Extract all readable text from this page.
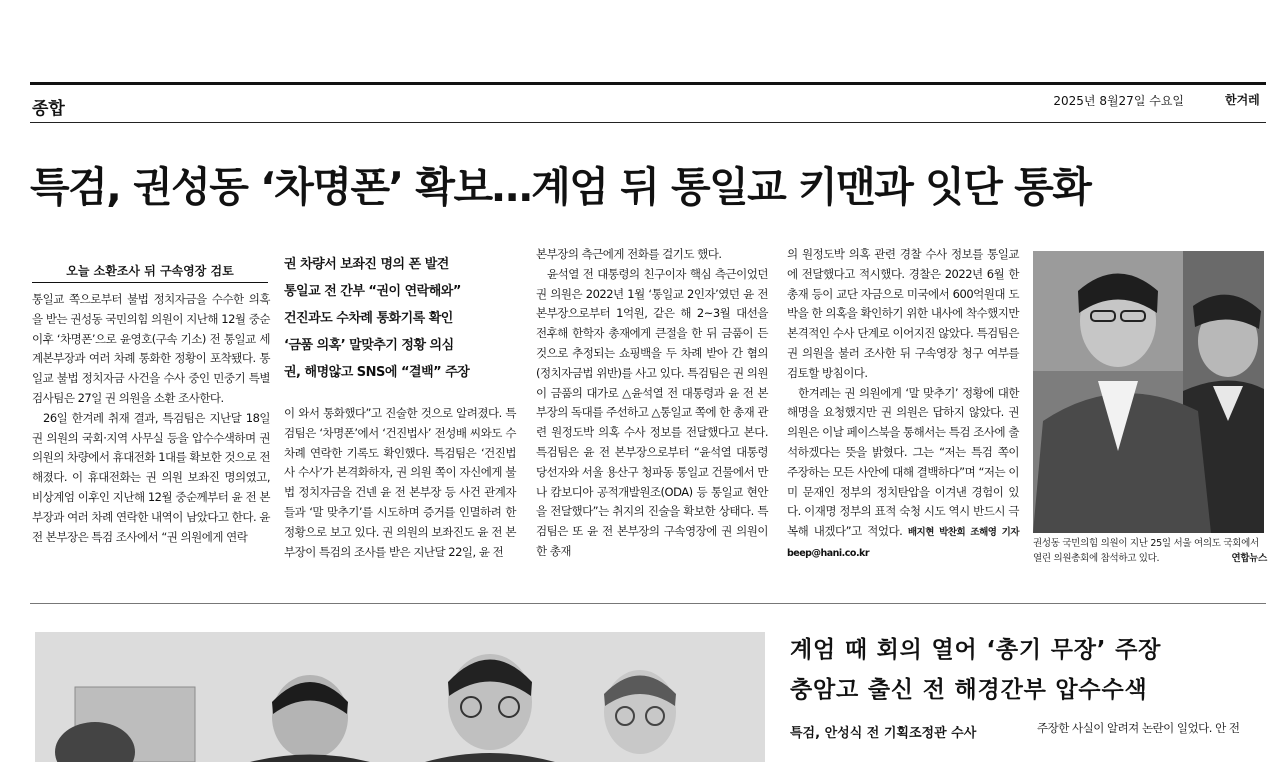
종합	2025년 8월27일 수요일	한겨레
특검, 권성동 ‘차명폰’ 확보…계엄 뒤 통일교 키맨과 잇단 통화
오늘 소환조사 뒤 구속영장 검토

통일교 쪽으로부터 불법 정치자금을 수수한 의혹을 받는 권성동 국민의힘 의원이 지난해 12월 중순 이후 ‘차명폰’으로 윤영호(구속 기소) 전 통일교 세계본부장과 여러 차례 통화한 정황이 포착됐다. 통일교 불법 정치자금 사건을 수사 중인 민중기 특별검사팀은 27일 권 의원을 소환 조사한다.

26일 한겨레 취재 결과, 특검팀은 지난달 18일 권 의원의 국회·지역 사무실 등을 압수수색하며 권 의원의 차량에서 휴대전화 1대를 확보한 것으로 전해졌다. 이 휴대전화는 권 의원 보좌진 명의였고, 비상계엄 이후인 지난해 12월 중순께부터 윤 전 본부장과 여러 차례 연락한 내역이 남았다고 한다. 윤 전 본부장은 특검 조사에서 “권 의원에게 연락

권 차량서 보좌진 명의 폰 발견
통일교 전 간부 “권이 연락해와”
건진과도 수차례 통화기록 확인
‘금품 의혹’ 말맞추기 정황 의심
권, 해명않고 SNS에 “결백” 주장

이 와서 통화했다”고 진술한 것으로 알려졌다. 특검팀은 ‘차명폰’에서 ‘건진법사’ 전성배 씨와도 수차례 연락한 기록도 확인했다. 특검팀은 ‘건진법사 수사’가 본격화하자, 권 의원 쪽이 자신에게 불법 정치자금을 건넨 윤 전 본부장 등 사건 관계자들과 ‘말 맞추기’를 시도하며 증거를 인멸하려 한 정황으로 보고 있다. 권 의원의 보좌진도 윤 전 본부장이 특검의 조사를 받은 지난달 22일, 윤 전

본부장의 측근에게 전화를 걸기도 했다.

윤석열 전 대통령의 친구이자 핵심 측근이었던 권 의원은 2022년 1월 ‘통일교 2인자’였던 윤 전 본부장으로부터 1억원, 같은 해 2~3월 대선을 전후해 한학자 총재에게 큰절을 한 뒤 금품이 든 것으로 추정되는 쇼핑백을 두 차례 받아 간 혐의(정치자금법 위반)를 사고 있다. 특검팀은 권 의원이 금품의 대가로 △윤석열 전 대통령과 윤 전 본부장의 독대를 주선하고 △통일교 쪽에 한 총재 관련 원정도박 의혹 수사 정보를 전달했다고 본다. 특검팀은 윤 전 본부장으로부터 “윤석열 대통령 당선자와 서울 용산구 청파동 통일교 건물에서 만나 캄보디아 공적개발원조(ODA) 등 통일교 현안을 전달했다”는 취지의 진술을 확보한 상태다. 특검팀은 또 윤 전 본부장의 구속영장에 권 의원이 한 총재

의 원정도박 의혹 관련 경찰 수사 정보를 통일교에 전달했다고 적시했다. 경찰은 2022년 6월 한 총재 등이 교단 자금으로 미국에서 600억원대 도박을 한 의혹을 확인하기 위한 내사에 착수했지만 본격적인 수사 단계로 이어지진 않았다. 특검팀은 권 의원을 불러 조사한 뒤 구속영장 청구 여부를 검토할 방침이다.

한겨레는 권 의원에게 ‘말 맞추기’ 정황에 대한 해명을 요청했지만 권 의원은 답하지 않았다. 권 의원은 이날 페이스북을 통해서는 특검 조사에 출석하겠다는 뜻을 밝혔다. 그는 “저는 특검 쪽이 주장하는 모든 사안에 대해 결백하다”며 “저는 이미 문재인 정부의 정치탄압을 이겨낸 경험이 있다. 이재명 정부의 표적 숙청 시도 역시 반드시 극복해 내겠다”고 적었다. 배지현 박찬희 조해영 기자 beep@hani.co.kr

권성동 국민의힘 의원이 지난 25일 서울 여의도 국회에서 열린 의원총회에 참석하고 있다.	연합뉴스
계엄 때 회의 열어 ‘총기 무장’ 주장
충암고 출신 전 해경간부 압수수색
특검, 안성식 전 기획조정관 수사	주장한 사실이 알려져 논란이 일었다. 안 전
